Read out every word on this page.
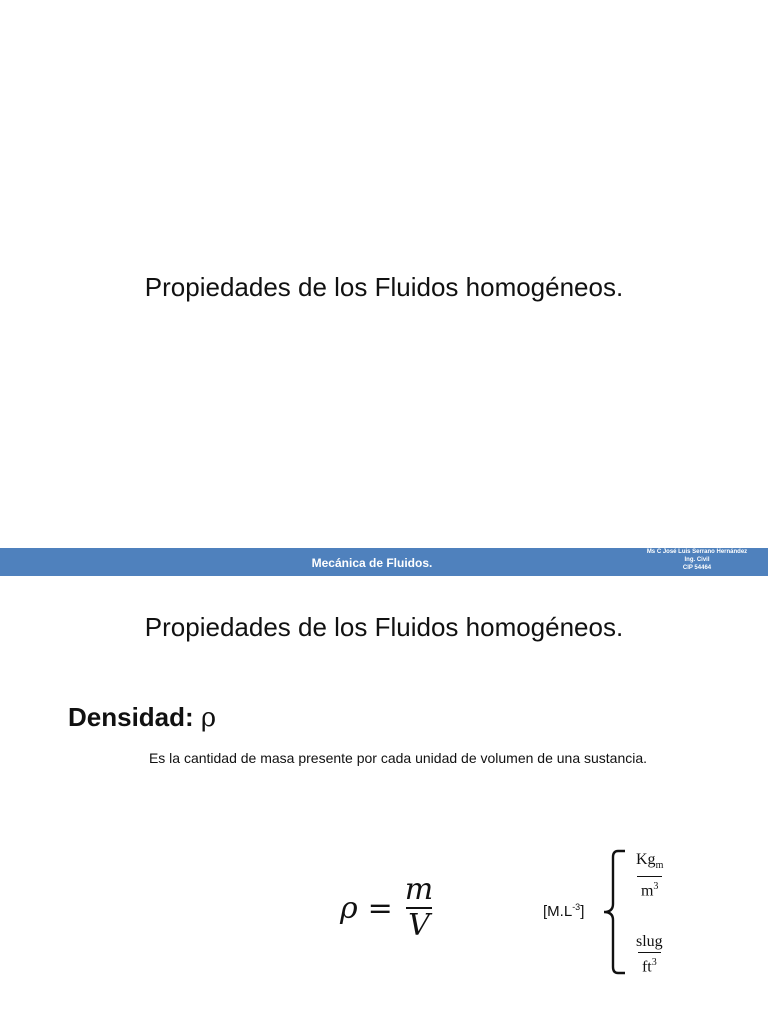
Propiedades de los Fluidos homogéneos.
Mecánica de Fluidos.
Ms C José Luis Serrano Hernández
Ing. Civil
CIP 54464
Propiedades de los Fluidos homogéneos.
Densidad: ρ
Es la cantidad de masa presente por cada unidad de volumen de una sustancia.
$\rho = \frac{m}{V}$	$[M.L^{-3}]$
$Kg_m$
$m^3$
slug
$ft^3$
